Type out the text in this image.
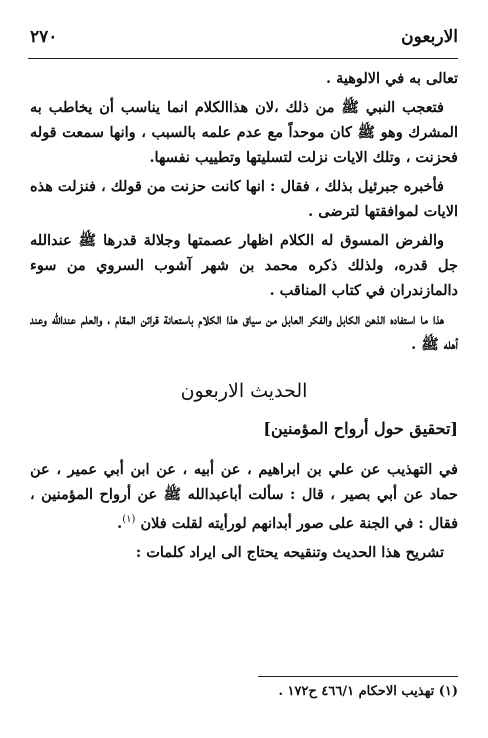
الاربعون
٢٧٠

تعالى به في الالوهية .

فتعجب النبي ﷺ من ذلك ،لان هذاالكلام انما يناسب أن يخاطب به المشرك وهو ﷺ كان موحداً مع عدم علمه بالسبب ، وانها سمعت قوله فحزنت ، وتلك الايات نزلت لتسليتها وتطييب نفسها.

فأخبره جبرئيل بذلك ، فقال : انها كانت حزنت من قولك ، فنزلت هذه الايات لموافقتها لترضى .

والفرض المسوق له الكلام اظهار عصمتها وجلالة قدرها ﷺ عندالله جل قدره، ولذلك ذكره محمد بن شهر آشوب السروي من سوء دالمازندران في كتاب المناقب .

هذا ما استفاده الذهن الكابل والفكر العابل من سياق هذا الكلام باستعانة قرائن المقام ، والعلم عندالله وعند أهله ﷺ .

الحديث الاربعون
[تحقيق حول أرواح المؤمنين]

في التهذيب عن علي بن ابراهيم ، عن أبيه ، عن ابن أبي عمير ، عن حماد عن أبي بصير ، قال : سألت أباعبدالله ﷺ عن أرواح المؤمنين ، فقال : في الجنة على صور أبدانهم لورأيته لقلت فلان $^{(١)}$.

تشريح هذا الحديث وتنقيحه يحتاج الى ايراد كلمات :

(١) تهذيب الاحكام ٤٦٦/١ ح١٧٢ .
